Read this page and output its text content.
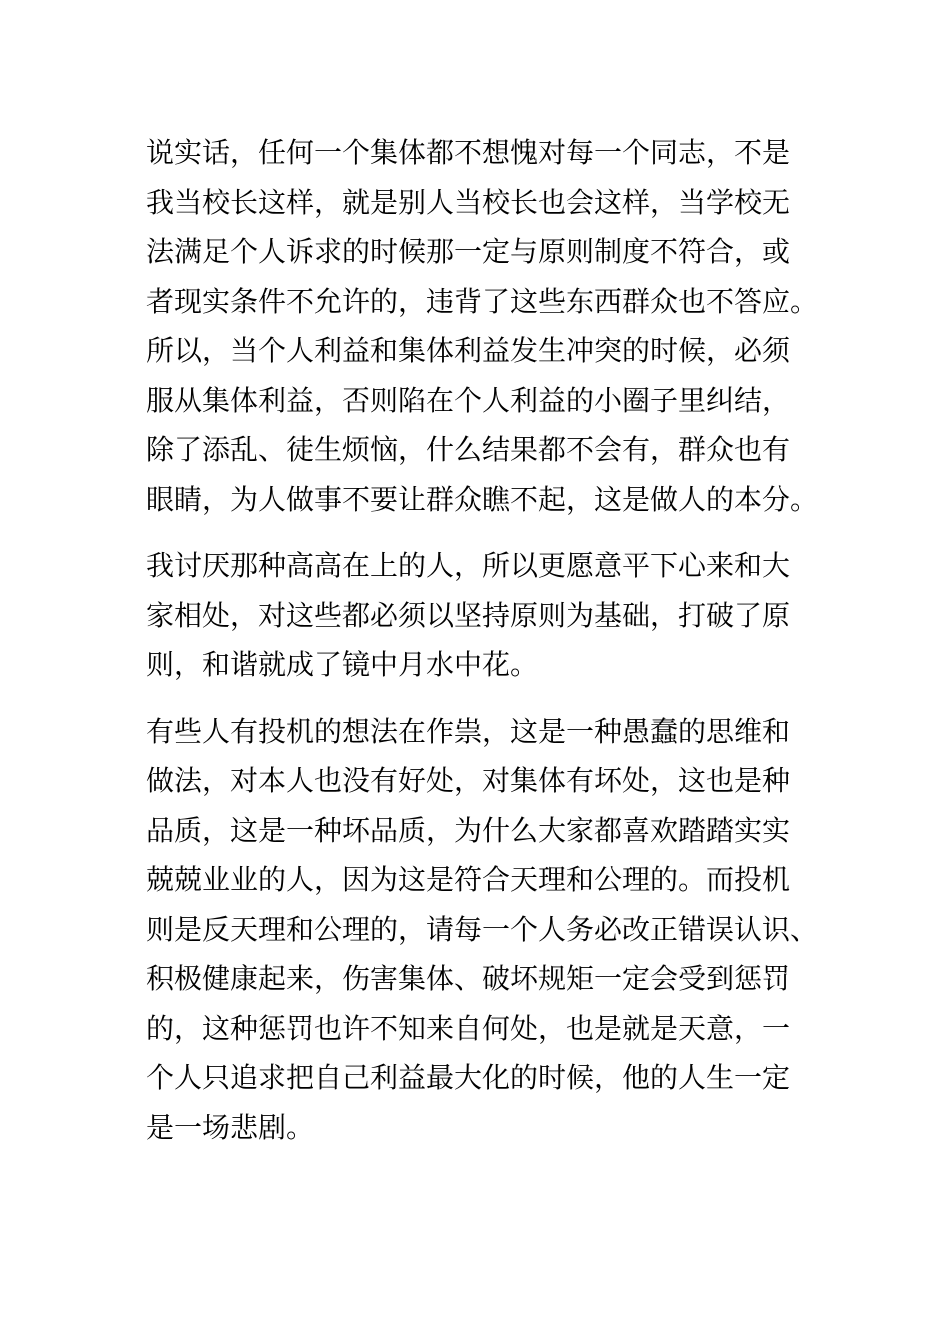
说实话，任何一个集体都不想愧对每一个同志，不是
我当校长这样，就是别人当校长也会这样，当学校无
法满足个人诉求的时候那一定与原则制度不符合，或
者现实条件不允许的，违背了这些东西群众也不答应。
所以，当个人利益和集体利益发生冲突的时候，必须
服从集体利益，否则陷在个人利益的小圈子里纠结，
除了添乱、徒生烦恼，什么结果都不会有，群众也有
眼睛，为人做事不要让群众瞧不起，这是做人的本分。

我讨厌那种高高在上的人，所以更愿意平下心来和大
家相处，对这些都必须以坚持原则为基础，打破了原
则，和谐就成了镜中月水中花。

有些人有投机的想法在作祟，这是一种愚蠢的思维和
做法，对本人也没有好处，对集体有坏处，这也是种
品质，这是一种坏品质，为什么大家都喜欢踏踏实实
兢兢业业的人，因为这是符合天理和公理的。而投机
则是反天理和公理的，请每一个人务必改正错误认识、
积极健康起来，伤害集体、破坏规矩一定会受到惩罚
的，这种惩罚也许不知来自何处，也是就是天意，一
个人只追求把自己利益最大化的时候，他的人生一定
是一场悲剧。
